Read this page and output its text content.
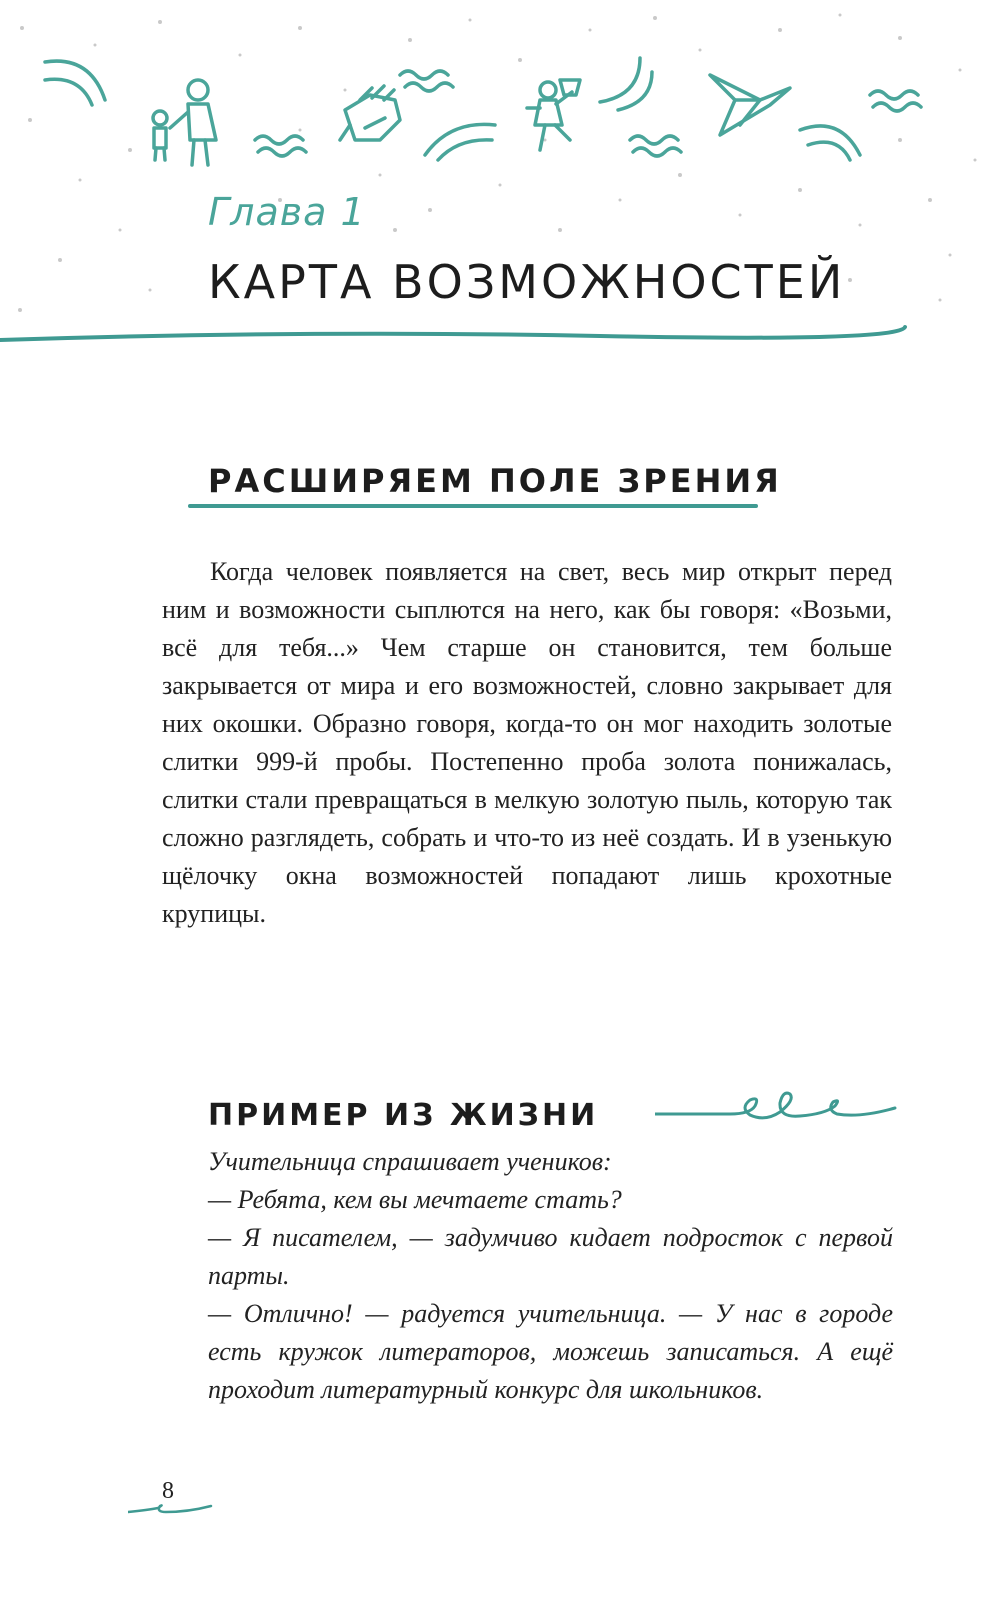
Глава 1
КАРТА ВОЗМОЖНОСТЕЙ
РАСШИРЯЕМ ПОЛЕ ЗРЕНИЯ

Когда человек появляется на свет, весь мир открыт перед ним и возможности сыплются на него, как бы говоря: «Возьми, всё для тебя...» Чем старше он становится, тем больше закрывается от мира и его возможностей, словно закрывает для них окошки. Образно говоря, когда-то он мог находить золотые слитки 999-й пробы. Постепенно проба золота понижалась, слитки стали превращаться в мелкую золотую пыль, которую так сложно разглядеть, собрать и что-то из неё создать. И в узенькую щёлочку окна возможностей попадают лишь крохотные крупицы.

ПРИМЕР ИЗ ЖИЗНИ

Учительница спрашивает учеников:

— Ребята, кем вы мечтаете стать?

— Я писателем, — задумчиво кидает подросток с первой парты.

— Отлично! — радуется учительница. — У нас в городе есть кружок литераторов, можешь записаться. А ещё проходит литературный конкурс для школьников.

8
